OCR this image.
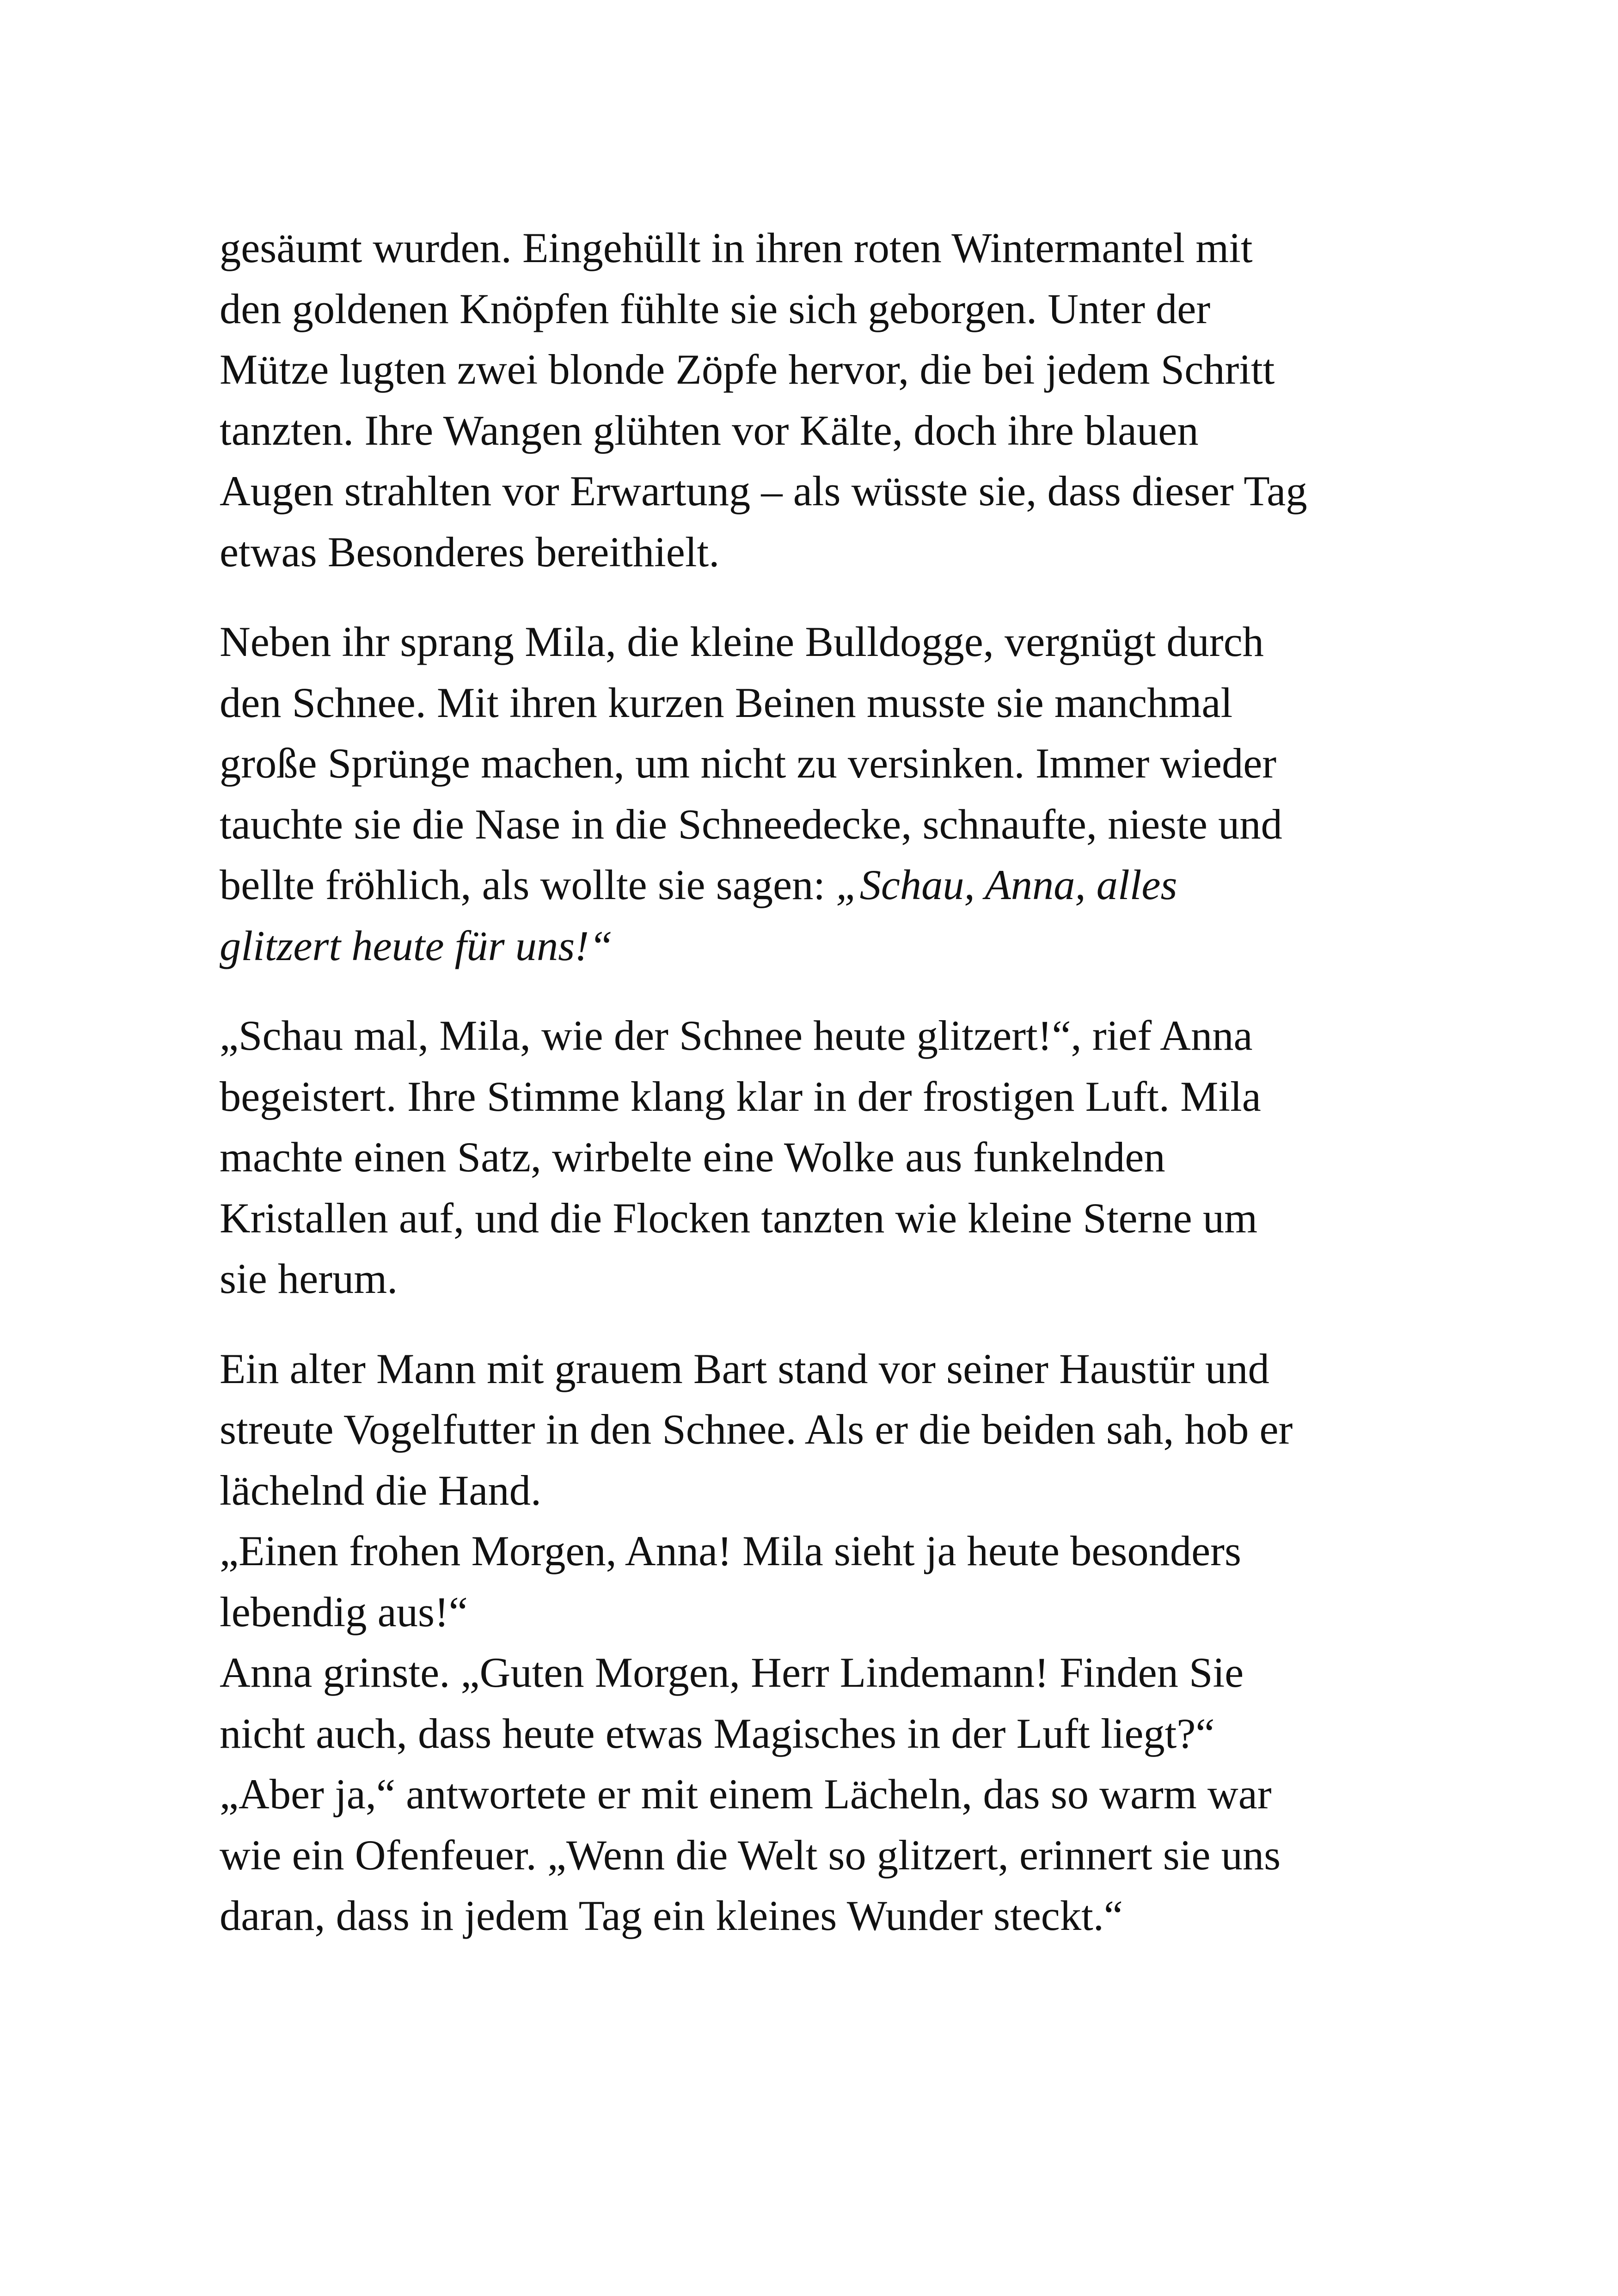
gesäumt wurden. Eingehüllt in ihren roten Wintermantel mit
den goldenen Knöpfen fühlte sie sich geborgen. Unter der
Mütze lugten zwei blonde Zöpfe hervor, die bei jedem Schritt
tanzten. Ihre Wangen glühten vor Kälte, doch ihre blauen
Augen strahlten vor Erwartung – als wüsste sie, dass dieser Tag
etwas Besonderes bereithielt.

Neben ihr sprang Mila, die kleine Bulldogge, vergnügt durch
den Schnee. Mit ihren kurzen Beinen musste sie manchmal
große Sprünge machen, um nicht zu versinken. Immer wieder
tauchte sie die Nase in die Schneedecke, schnaufte, nieste und
bellte fröhlich, als wollte sie sagen: „Schau, Anna, alles
glitzert heute für uns!“

„Schau mal, Mila, wie der Schnee heute glitzert!“, rief Anna
begeistert. Ihre Stimme klang klar in der frostigen Luft. Mila
machte einen Satz, wirbelte eine Wolke aus funkelnden
Kristallen auf, und die Flocken tanzten wie kleine Sterne um
sie herum.

Ein alter Mann mit grauem Bart stand vor seiner Haustür und
streute Vogelfutter in den Schnee. Als er die beiden sah, hob er
lächelnd die Hand.
„Einen frohen Morgen, Anna! Mila sieht ja heute besonders
lebendig aus!“
Anna grinste. „Guten Morgen, Herr Lindemann! Finden Sie
nicht auch, dass heute etwas Magisches in der Luft liegt?“
„Aber ja,“ antwortete er mit einem Lächeln, das so warm war
wie ein Ofenfeuer. „Wenn die Welt so glitzert, erinnert sie uns
daran, dass in jedem Tag ein kleines Wunder steckt.“
